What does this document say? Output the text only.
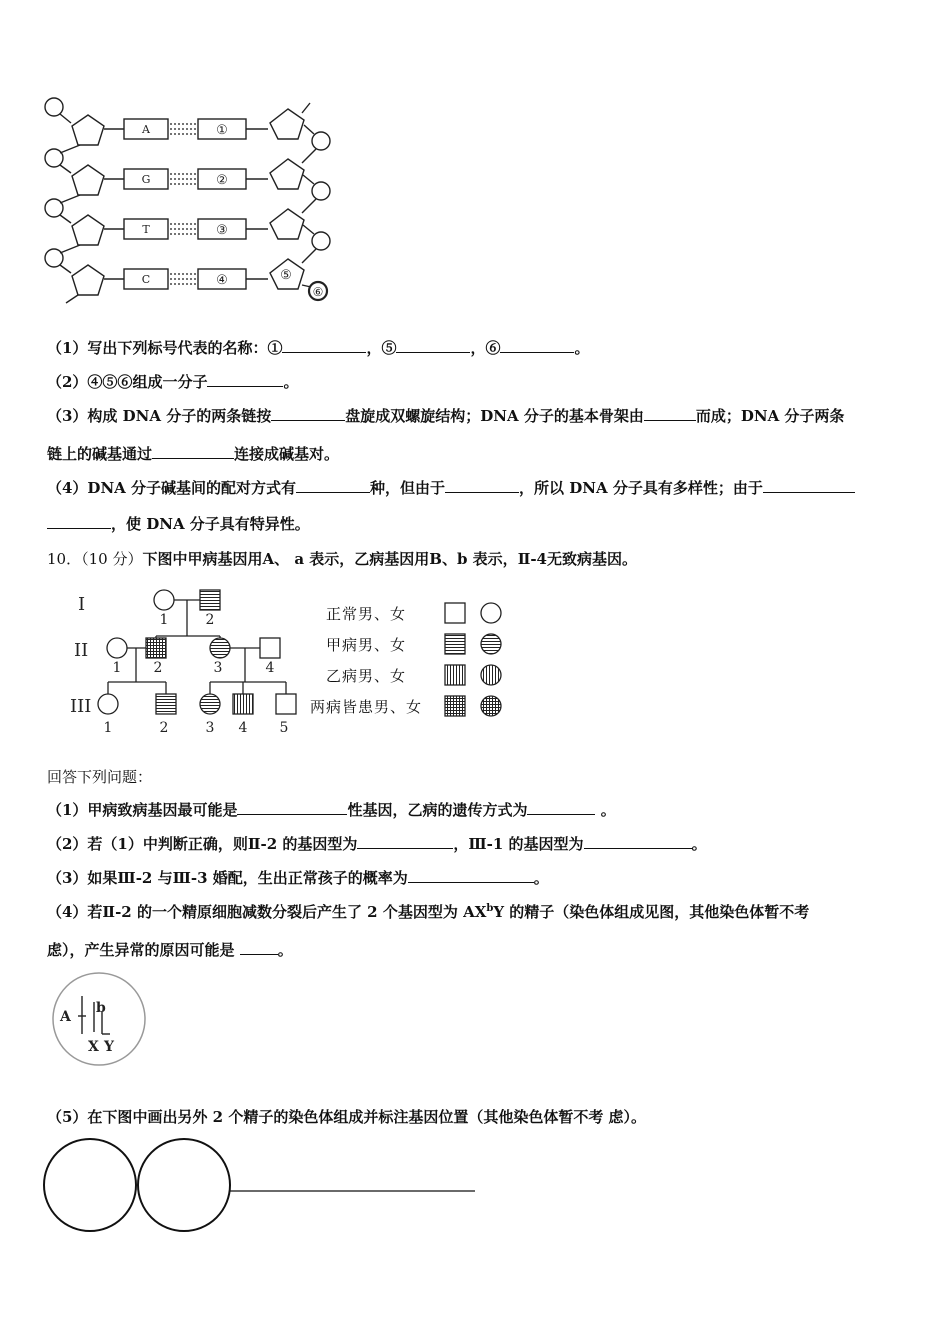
A
G
T
C
①
②
③
④	⑤
⑥
（1）写出下列标号代表的名称：①	，⑤	，⑥	。
（2）④⑤⑥组成一分子	。
（3）构成 DNA 分子的两条链按	盘旋成双螺旋结构；DNA 分子的基本骨架由	而成；DNA 分子两条
链上的碱基通过	连接成碱基对。
（4）DNA 分子碱基间的配对方式有	种，但由于	，所以 DNA 分子具有多样性；由于
，使 DNA 分子具有特异性。
10．（10 分）下图中甲病基因用A、 a 表示，乙病基因用B、b 表示，Ⅱ-4无致病基因。
I
II
III
1	2
1 2	3	4
1	2	3 4 5
正常男、女
甲病男、女
乙病男、女
两病皆患男、女
回答下列问题：
（1）甲病致病基因最可能是	性基因，乙病的遗传方式为	。
（2）若（1）中判断正确，则Ⅱ-2 的基因型为	，Ⅲ-1 的基因型为	。
（3）如果Ⅲ-2 与Ⅲ-3 婚配，生出正常孩子的概率为	。
（4）若Ⅱ-2 的一个精原细胞减数分裂后产生了 2 个基因型为 $AX^bY$ 的精子（染色体组成见图，其他染色体暂不考
虑），产生异常的原因可能是	。
A
b
X Y
（5）在下图中画出另外 2 个精子的染色体组成并标注基因位置（其他染色体暂不考 虑）。
